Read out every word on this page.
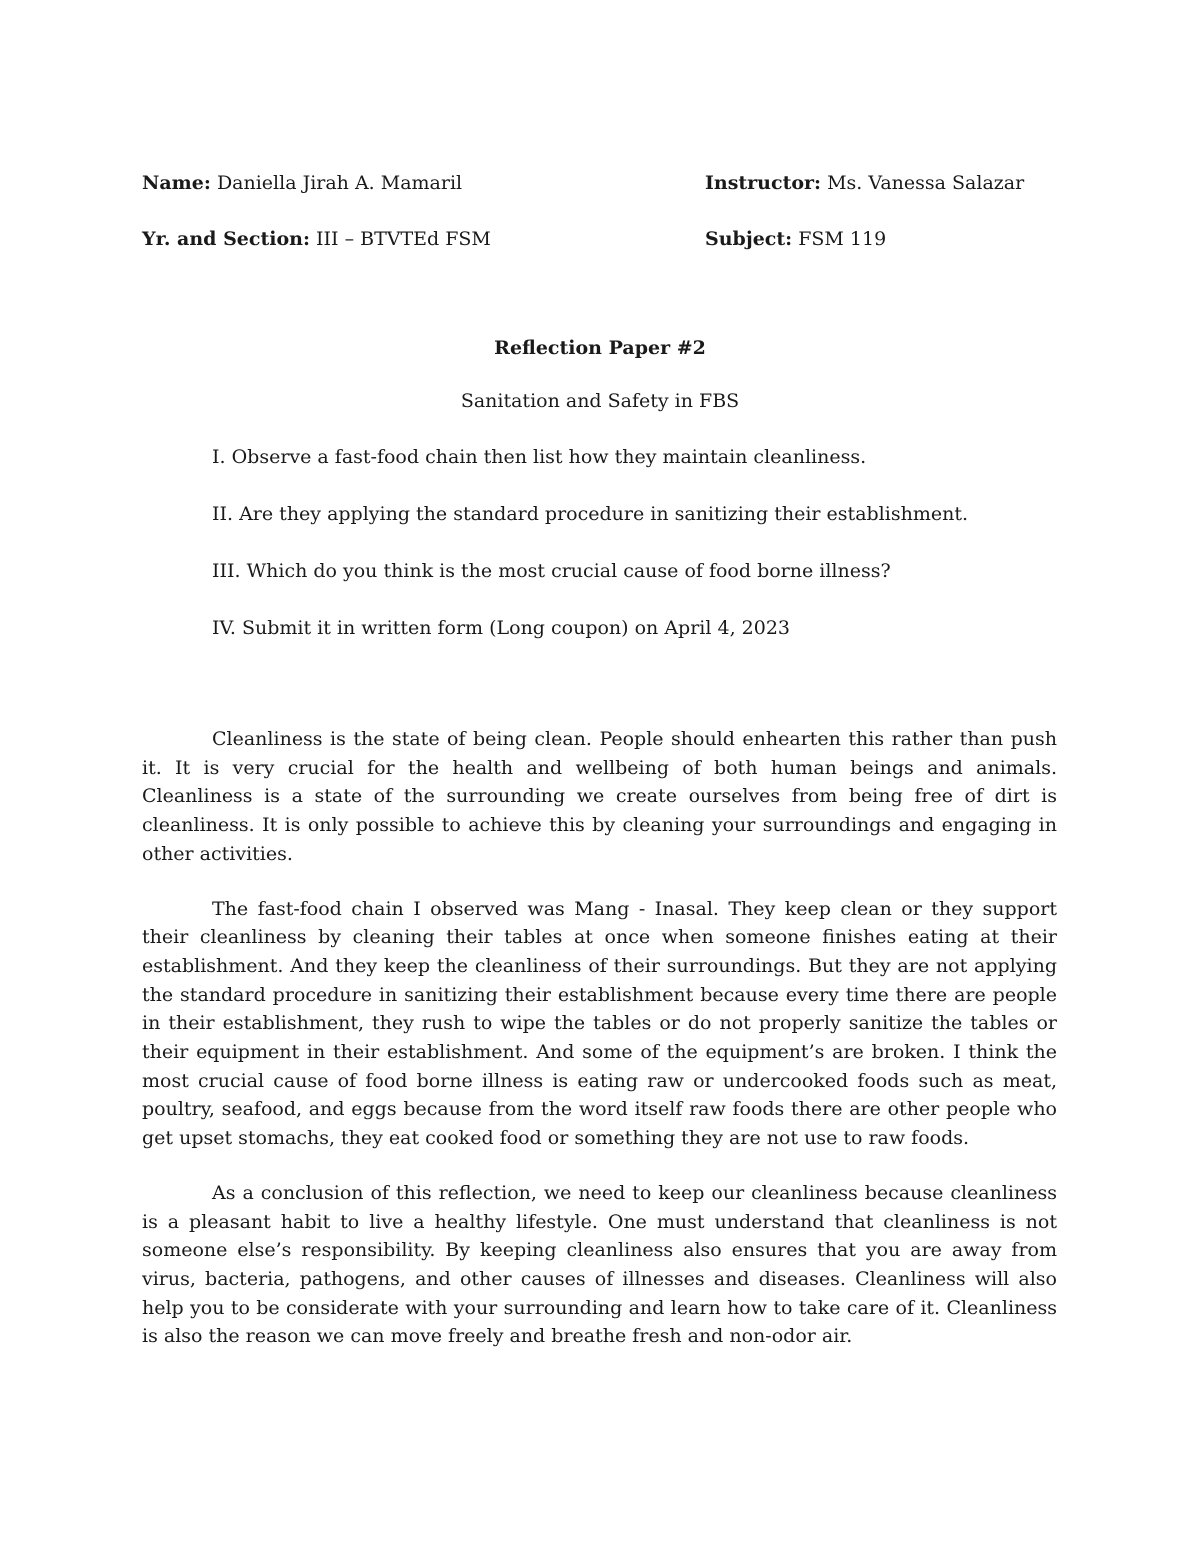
Name: Daniella Jirah A. Mamaril	Instructor: Ms. Vanessa Salazar
Yr. and Section: III – BTVTEd FSM	Subject: FSM 119
Reflection Paper #2
Sanitation and Safety in FBS

I. Observe a fast-food chain then list how they maintain cleanliness.

II. Are they applying the standard procedure in sanitizing their establishment.

III. Which do you think is the most crucial cause of food borne illness?

IV. Submit it in written form (Long coupon) on April 4, 2023

Cleanliness is the state of being clean. People should enhearten this rather than push it. It is very crucial for the health and wellbeing of both human beings and animals. Cleanliness is a state of the surrounding we create ourselves from being free of dirt is cleanliness. It is only possible to achieve this by cleaning your surroundings and engaging in other activities.

The fast-food chain I observed was Mang - Inasal. They keep clean or they support their cleanliness by cleaning their tables at once when someone finishes eating at their establishment. And they keep the cleanliness of their surroundings. But they are not applying the standard procedure in sanitizing their establishment because every time there are people in their establishment, they rush to wipe the tables or do not properly sanitize the tables or their equipment in their establishment. And some of the equipment’s are broken. I think the most crucial cause of food borne illness is eating raw or undercooked foods such as meat, poultry, seafood, and eggs because from the word itself raw foods there are other people who get upset stomachs, they eat cooked food or something they are not use to raw foods.

As a conclusion of this reflection, we need to keep our cleanliness because cleanliness is a pleasant habit to live a healthy lifestyle. One must understand that cleanliness is not someone else’s responsibility. By keeping cleanliness also ensures that you are away from virus, bacteria, pathogens, and other causes of illnesses and diseases. Cleanliness will also help you to be considerate with your surrounding and learn how to take care of it. Cleanliness is also the reason we can move freely and breathe fresh and non-odor air.
